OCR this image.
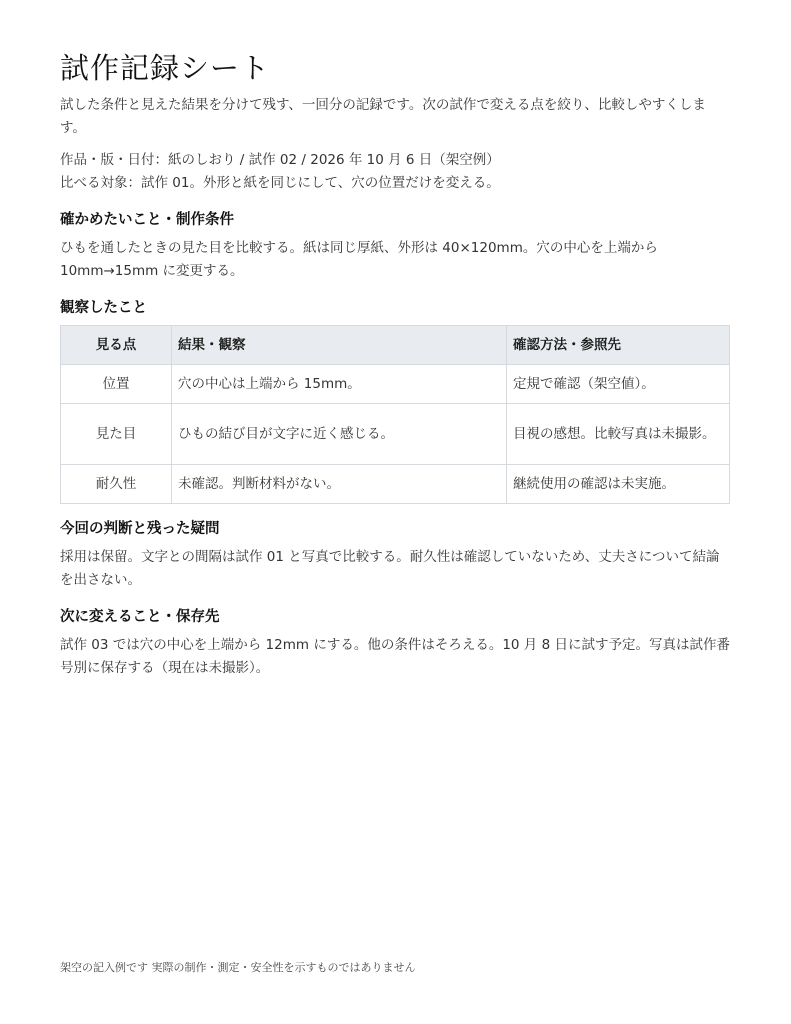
試作記録シート

試した条件と見えた結果を分けて残す、一回分の記録です。次の試作で変える点を絞り、比較しやすくします。

作品・版・日付：紙のしおり / 試作 02 / 2026 年 10 月 6 日（架空例）

比べる対象：試作 01。外形と紙を同じにして、穴の位置だけを変える。

確かめたいこと・制作条件

ひもを通したときの見た目を比較する。紙は同じ厚紙、外形は 40×120mm。穴の中心を上端から 10mm→15mm に変更する。

観察したこと
見る点	結果・観察	確認方法・参照先
位置	穴の中心は上端から 15mm。	定規で確認（架空値）。
見た目	ひもの結び目が文字に近く感じる。	目視の感想。比較写真は未撮影。
耐久性	未確認。判断材料がない。	継続使用の確認は未実施。
今回の判断と残った疑問

採用は保留。文字との間隔は試作 01 と写真で比較する。耐久性は確認していないため、丈夫さについて結論を出さない。

次に変えること・保存先

試作 03 では穴の中心を上端から 12mm にする。他の条件はそろえる。10 月 8 日に試す予定。写真は試作番号別に保存する（現在は未撮影）。

架空の記入例です 実際の制作・測定・安全性を示すものではありません
